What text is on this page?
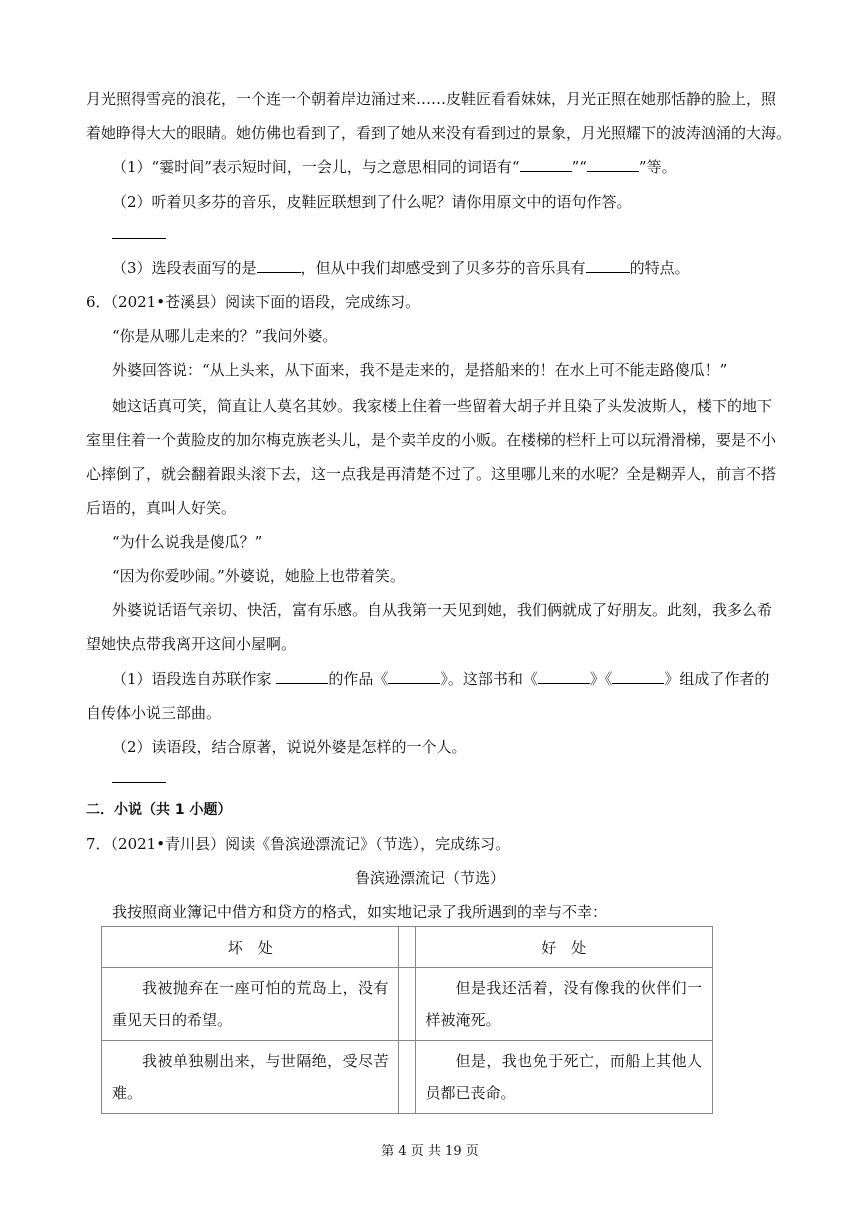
月光照得雪亮的浪花，一个连一个朝着岸边涌过来……皮鞋匠看看妹妹，月光正照在她那恬静的脸上，照
着她睁得大大的眼睛。她仿佛也看到了，看到了她从来没有看到过的景象，月光照耀下的波涛汹涌的大海。
（1）“霎时间”表示短时间，一会儿，与之意思相同的词语有“	”“	”等。
（2）听着贝多芬的音乐，皮鞋匠联想到了什么呢？请你用原文中的语句作答。
（3）选段表面写的是	，但从中我们却感受到了贝多芬的音乐具有	的特点。
6．（2021•苍溪县）阅读下面的语段，完成练习。
“你是从哪儿走来的？”我问外婆。
外婆回答说：“从上头来，从下面来，我不是走来的，是搭船来的！在水上可不能走路傻瓜！”
她这话真可笑，简直让人莫名其妙。我家楼上住着一些留着大胡子并且染了头发波斯人，楼下的地下
室里住着一个黄脸皮的加尔梅克族老头儿，是个卖羊皮的小贩。在楼梯的栏杆上可以玩滑滑梯，要是不小
心摔倒了，就会翻着跟头滚下去，这一点我是再清楚不过了。这里哪儿来的水呢？全是糊弄人，前言不搭
后语的，真叫人好笑。
“为什么说我是傻瓜？”
“因为你爱吵闹。”外婆说，她脸上也带着笑。
外婆说话语气亲切、快活，富有乐感。自从我第一天见到她，我们俩就成了好朋友。此刻，我多么希
望她快点带我离开这间小屋啊。
（1）语段选自苏联作家	的作品《	》。这部书和《	》《	》组成了作者的
自传体小说三部曲。
（2）读语段，结合原著，说说外婆是怎样的一个人。
二．小说（共 1 小题）
7．（2021•青川县）阅读《鲁滨逊漂流记》（节选），完成练习。
鲁滨逊漂流记（节选）
我按照商业簿记中借方和贷方的格式，如实地记录了我所遇到的幸与不幸：
坏　处		好　处

我被抛弃在一座可怕的荒岛上，没有重见天日的希望。		但是我还活着，没有像我的伙伴们一样被淹死。

我被单独剔出来，与世隔绝，受尽苦难。		但是，我也免于死亡，而船上其他人员都已丧命。
第 4 页 共 19 页
